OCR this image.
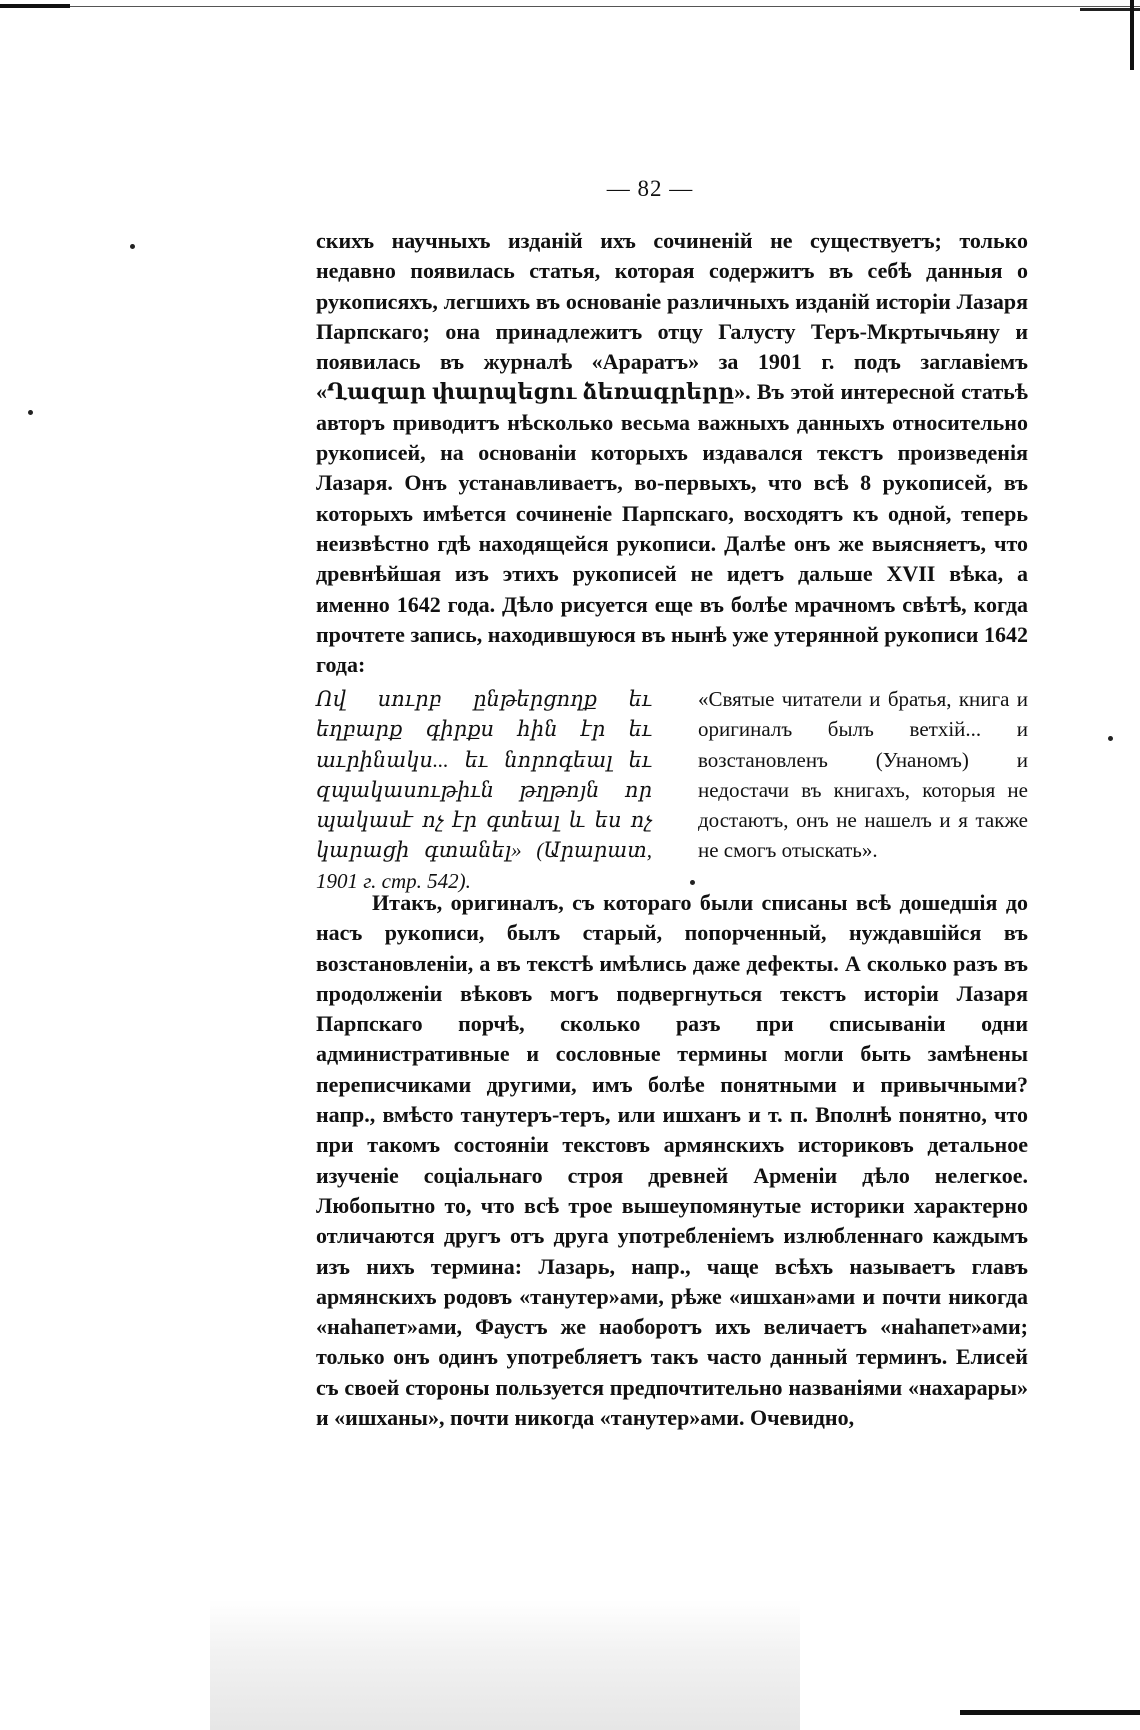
— 82 —

скихъ научныхъ изданій ихъ сочиненій не существуетъ; только недавно появилась статья, которая содержитъ въ себѣ данныя о рукописяхъ, легшихъ въ основаніе различныхъ изданій исторіи Лазаря Парпскаго; она принадлежитъ отцу Галусту Теръ-Мкртычьяну и появилась въ журналѣ «Араратъ» за 1901 г. подъ заглавіемъ «Ղազար փարպեցու ձեռագրերը». Въ этой интересной статьѣ авторъ приводитъ нѣсколько весьма важныхъ данныхъ относительно рукописей, на основаніи которыхъ издавался текстъ произведенія Лазаря. Онъ устанавливаетъ, во-первыхъ, что всѣ 8 рукописей, въ которыхъ имѣется сочиненіе Парпскаго, восходятъ къ одной, теперь неизвѣстно гдѣ находящейся рукописи. Далѣе онъ же выясняетъ, что древнѣйшая изъ этихъ рукописей не идетъ дальше XVII вѣка, а именно 1642 года. Дѣло рисуется еще въ болѣе мрачномъ свѣтѣ, когда прочтете запись, находившуюся въ нынѣ уже утерянной рукописи 1642 года:

Ով սուրբ ընթերցողք եւ եղբարք գիրքս հին էր եւ աւրինակս... եւ նորոգեալ եւ զպակասութիւն թղթոյն որ պակասէ ոչ էր գտեալ և ես ոչ կարացի գտանել» (Արարատ, 1901 г. стр. 542).
«Святые читатели и братья, книга и оригиналъ былъ ветхій... и возстановленъ (Унаномъ) и недостачи въ книгахъ, которыя не достаютъ, онъ не нашелъ и я также не смогъ отыскать».

Итакъ, оригиналъ, съ котораго были списаны всѣ дошедшія до насъ рукописи, былъ старый, попорченный, нуждавшійся въ возстановленіи, а въ текстѣ имѣлись даже дефекты. А сколько разъ въ продолженіи вѣковъ могъ подвергнуться текстъ исторіи Лазаря Парпскаго порчѣ, сколько разъ при списываніи одни административные и сословные термины могли быть замѣнены переписчиками другими, имъ болѣе понятными и привычными? напр., вмѣсто танутеръ-теръ, или ишханъ и т. п. Вполнѣ понятно, что при такомъ состояніи текстовъ армянскихъ историковъ детальное изученіе соціальнаго строя древней Арменіи дѣло нелегкое. Любопытно то, что всѣ трое вышеупомянутые историки характерно отличаются другъ отъ друга употребленіемъ излюбленнаго каждымъ изъ нихъ термина: Лазарь, напр., чаще всѣхъ называетъ главъ армянскихъ родовъ «танутер»ами, рѣже «ишхан»ами и почти никогда «наһапет»ами, Фаустъ же наоборотъ ихъ величаетъ «наһапет»ами; только онъ одинъ употребляетъ такъ часто данный терминъ. Елисей съ своей стороны пользуется предпочтительно названіями «нахарары» и «ишханы», почти никогда «танутер»ами. Очевидно,
